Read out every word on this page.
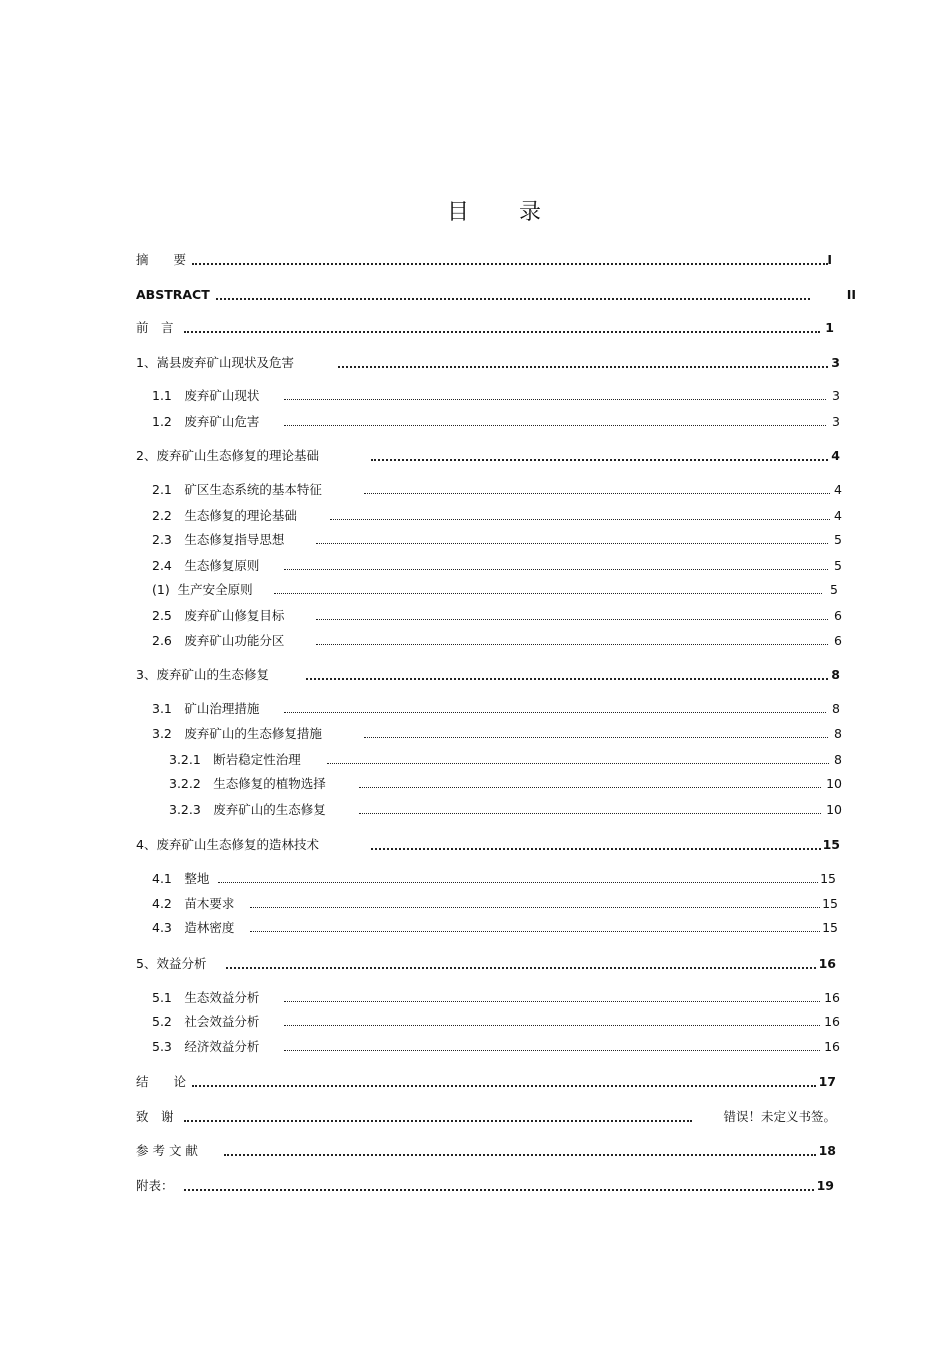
目　　录
摘　　要	I
ABSTRACT	II
前　言	1
1、嵩县废弃矿山现状及危害	3
1.1　废弃矿山现状	3
1.2　废弃矿山危害	3
2、废弃矿山生态修复的理论基础	4
2.1　矿区生态系统的基本特征	4
2.2　生态修复的理论基础	4
2.3　生态修复指导思想	5
2.4　生态修复原则	5
(1)  生产安全原则	5
2.5　废弃矿山修复目标	6
2.6　废弃矿山功能分区	6
3、废弃矿山的生态修复	8
3.1　矿山治理措施	8
3.2　废弃矿山的生态修复措施	8
3.2.1　断岩稳定性治理	8
3.2.2　生态修复的植物选择	10
3.2.3　废弃矿山的生态修复	10
4、废弃矿山生态修复的造林技术	15
4.1　整地	15
4.2　苗木要求	15
4.3　造林密度	15
5、效益分析	16
5.1　生态效益分析	16
5.2　社会效益分析	16
5.3　经济效益分析	16
结　　论	17
致　谢	错误！未定义书签。
参 考 文 献	18
附表：	19
